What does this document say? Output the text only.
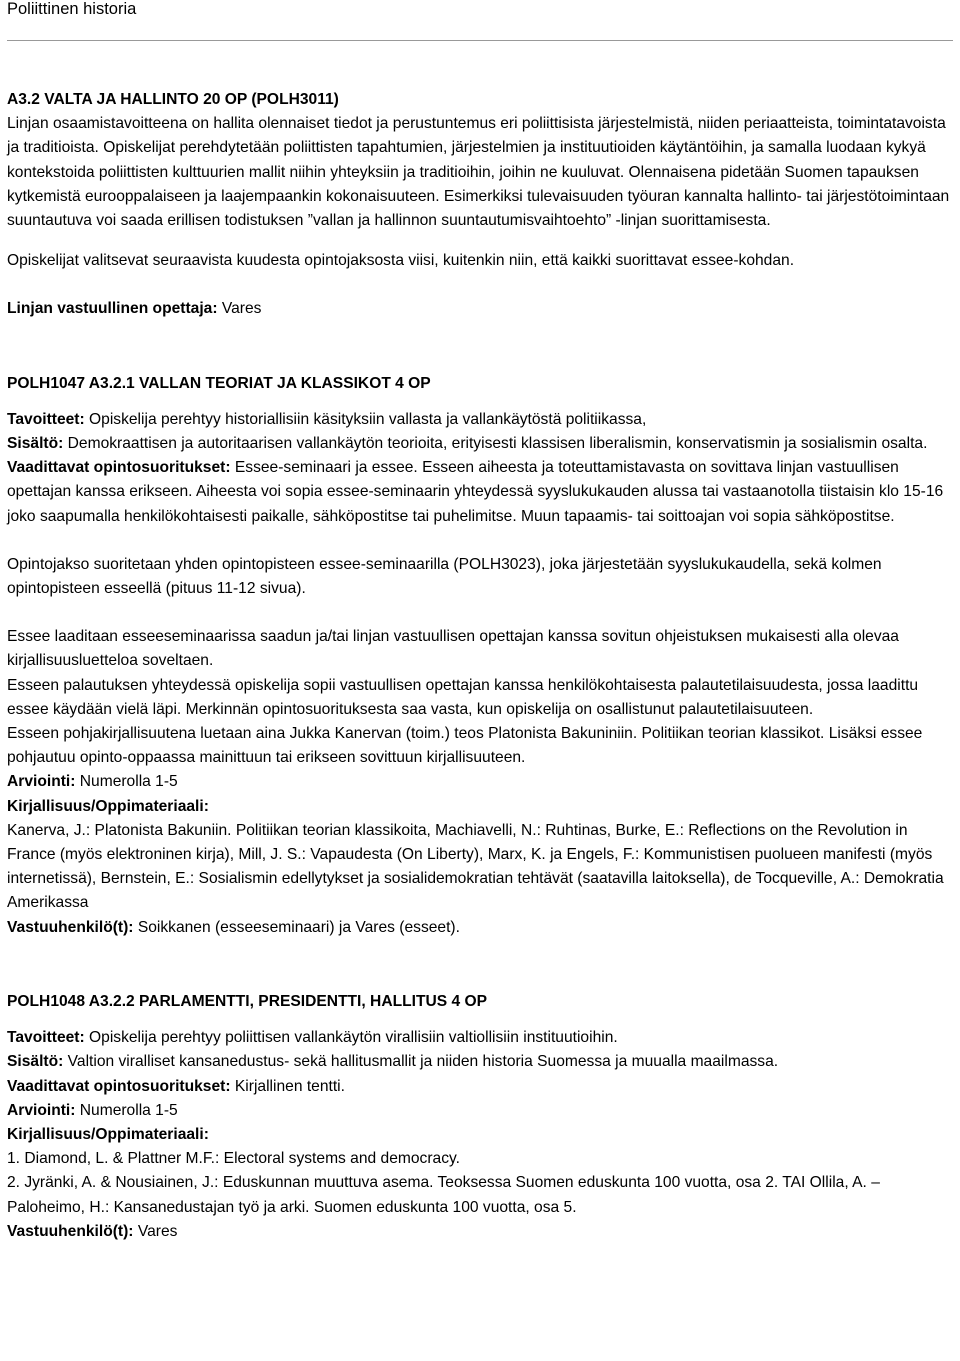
Poliittinen historia

A3.2 VALTA JA HALLINTO 20 OP (POLH3011)

Linjan osaamistavoitteena on hallita olennaiset tiedot ja perustuntemus eri poliittisista järjestelmistä, niiden periaatteista, toimintatavoista ja traditioista. Opiskelijat perehdytetään poliittisten tapahtumien, järjestelmien ja instituutioiden käytäntöihin, ja samalla luodaan kykyä kontekstoida poliittisten kulttuurien mallit niihin yhteyksiin ja traditioihin, joihin ne kuuluvat. Olennaisena pidetään Suomen tapauksen kytkemistä eurooppalaiseen ja laajempaankin kokonaisuuteen. Esimerkiksi tulevaisuuden työuran kannalta hallinto- tai järjestötoimintaan suuntautuva voi saada erillisen todistuksen ”vallan ja hallinnon suuntautumisvaihtoehto” -linjan suorittamisesta.

Opiskelijat valitsevat seuraavista kuudesta opintojaksosta viisi, kuitenkin niin, että kaikki suorittavat essee-kohdan.

Linjan vastuullinen opettaja: Vares

POLH1047 A3.2.1 VALLAN TEORIAT JA KLASSIKOT 4 OP

Tavoitteet: Opiskelija perehtyy historiallisiin käsityksiin vallasta ja vallankäytöstä politiikassa,

Sisältö: Demokraattisen ja autoritaarisen vallankäytön teorioita, erityisesti klassisen liberalismin, konservatismin ja sosialismin osalta.

Vaadittavat opintosuoritukset: Essee-seminaari ja essee. Esseen aiheesta ja toteuttamistavasta on sovittava linjan vastuullisen opettajan kanssa erikseen. Aiheesta voi sopia essee-seminaarin yhteydessä syyslukukauden alussa tai vastaanotolla tiistaisin klo 15-16 joko saapumalla henkilökohtaisesti paikalle, sähköpostitse tai puhelimitse. Muun tapaamis- tai soittoajan voi sopia sähköpostitse.

Opintojakso suoritetaan yhden opintopisteen essee-seminaarilla (POLH3023), joka järjestetään syyslukukaudella, sekä kolmen opintopisteen esseellä (pituus 11-12 sivua).

Essee laaditaan esseeseminaarissa saadun ja/tai linjan vastuullisen opettajan kanssa sovitun ohjeistuksen mukaisesti alla olevaa kirjallisuusluetteloa soveltaen.

Esseen palautuksen yhteydessä opiskelija sopii vastuullisen opettajan kanssa henkilökohtaisesta palautetilaisuudesta, jossa laadittu essee käydään vielä läpi. Merkinnän opintosuorituksesta saa vasta, kun opiskelija on osallistunut palautetilaisuuteen.

Esseen pohjakirjallisuutena luetaan aina Jukka Kanervan (toim.) teos Platonista Bakuniniin. Politiikan teorian klassikot. Lisäksi essee pohjautuu opinto-oppaassa mainittuun tai erikseen sovittuun kirjallisuuteen.

Arviointi: Numerolla 1-5

Kirjallisuus/Oppimateriaali:

Kanerva, J.: Platonista Bakuniin. Politiikan teorian klassikoita, Machiavelli, N.: Ruhtinas, Burke, E.: Reflections on the Revolution in France (myös elektroninen kirja), Mill, J. S.: Vapaudesta (On Liberty), Marx, K. ja Engels, F.: Kommunistisen puolueen manifesti (myös internetissä), Bernstein, E.: Sosialismin edellytykset ja sosialidemokratian tehtävät (saatavilla laitoksella), de Tocqueville, A.: Demokratia Amerikassa

Vastuuhenkilö(t): Soikkanen (esseeseminaari) ja Vares (esseet).

POLH1048 A3.2.2 PARLAMENTTI, PRESIDENTTI, HALLITUS 4 OP

Tavoitteet: Opiskelija perehtyy poliittisen vallankäytön virallisiin valtiollisiin instituutioihin.

Sisältö: Valtion viralliset kansanedustus- sekä hallitusmallit ja niiden historia Suomessa ja muualla maailmassa.

Vaadittavat opintosuoritukset: Kirjallinen tentti.

Arviointi: Numerolla 1-5

Kirjallisuus/Oppimateriaali:

1. Diamond, L. & Plattner M.F.: Electoral systems and democracy.

2. Jyränki, A. & Nousiainen, J.: Eduskunnan muuttuva asema. Teoksessa Suomen eduskunta 100 vuotta, osa 2. TAI Ollila, A. – Paloheimo, H.: Kansanedustajan työ ja arki. Suomen eduskunta 100 vuotta, osa 5.

Vastuuhenkilö(t): Vares
